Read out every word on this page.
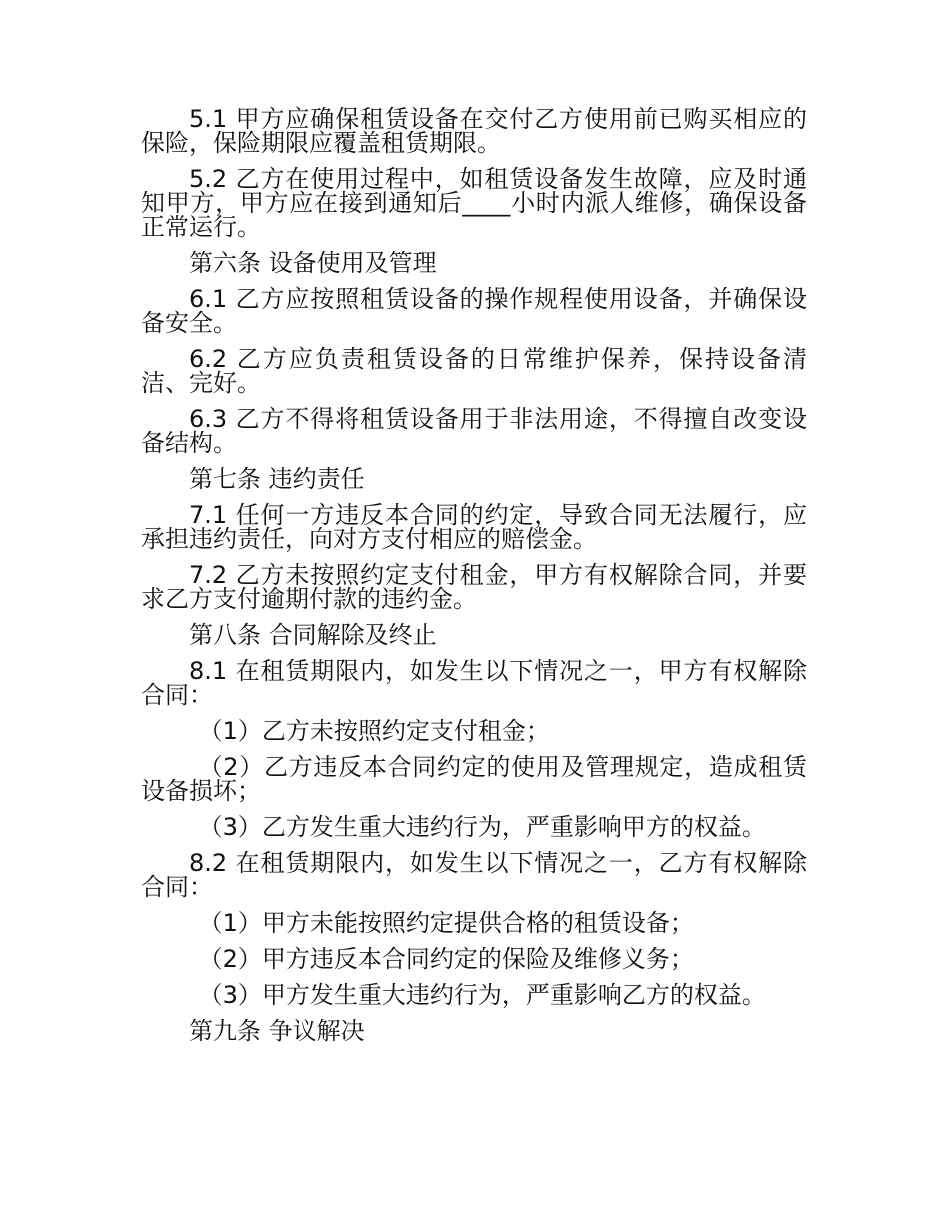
5.1 甲方应确保租赁设备在交付乙方使用前已购买相应的保险，保险期限应覆盖租赁期限。

5.2 乙方在使用过程中，如租赁设备发生故障，应及时通知甲方，甲方应在接到通知后____小时内派人维修，确保设备正常运行。

第六条 设备使用及管理

6.1 乙方应按照租赁设备的操作规程使用设备，并确保设备安全。

6.2 乙方应负责租赁设备的日常维护保养，保持设备清洁、完好。

6.3 乙方不得将租赁设备用于非法用途，不得擅自改变设备结构。

第七条 违约责任

7.1 任何一方违反本合同的约定，导致合同无法履行，应承担违约责任，向对方支付相应的赔偿金。

7.2 乙方未按照约定支付租金，甲方有权解除合同，并要求乙方支付逾期付款的违约金。

第八条 合同解除及终止

8.1 在租赁期限内，如发生以下情况之一，甲方有权解除合同：

（1）乙方未按照约定支付租金；

（2）乙方违反本合同约定的使用及管理规定，造成租赁设备损坏；

（3）乙方发生重大违约行为，严重影响甲方的权益。

8.2 在租赁期限内，如发生以下情况之一，乙方有权解除合同：

（1）甲方未能按照约定提供合格的租赁设备；

（2）甲方违反本合同约定的保险及维修义务；

（3）甲方发生重大违约行为，严重影响乙方的权益。

第九条 争议解决
